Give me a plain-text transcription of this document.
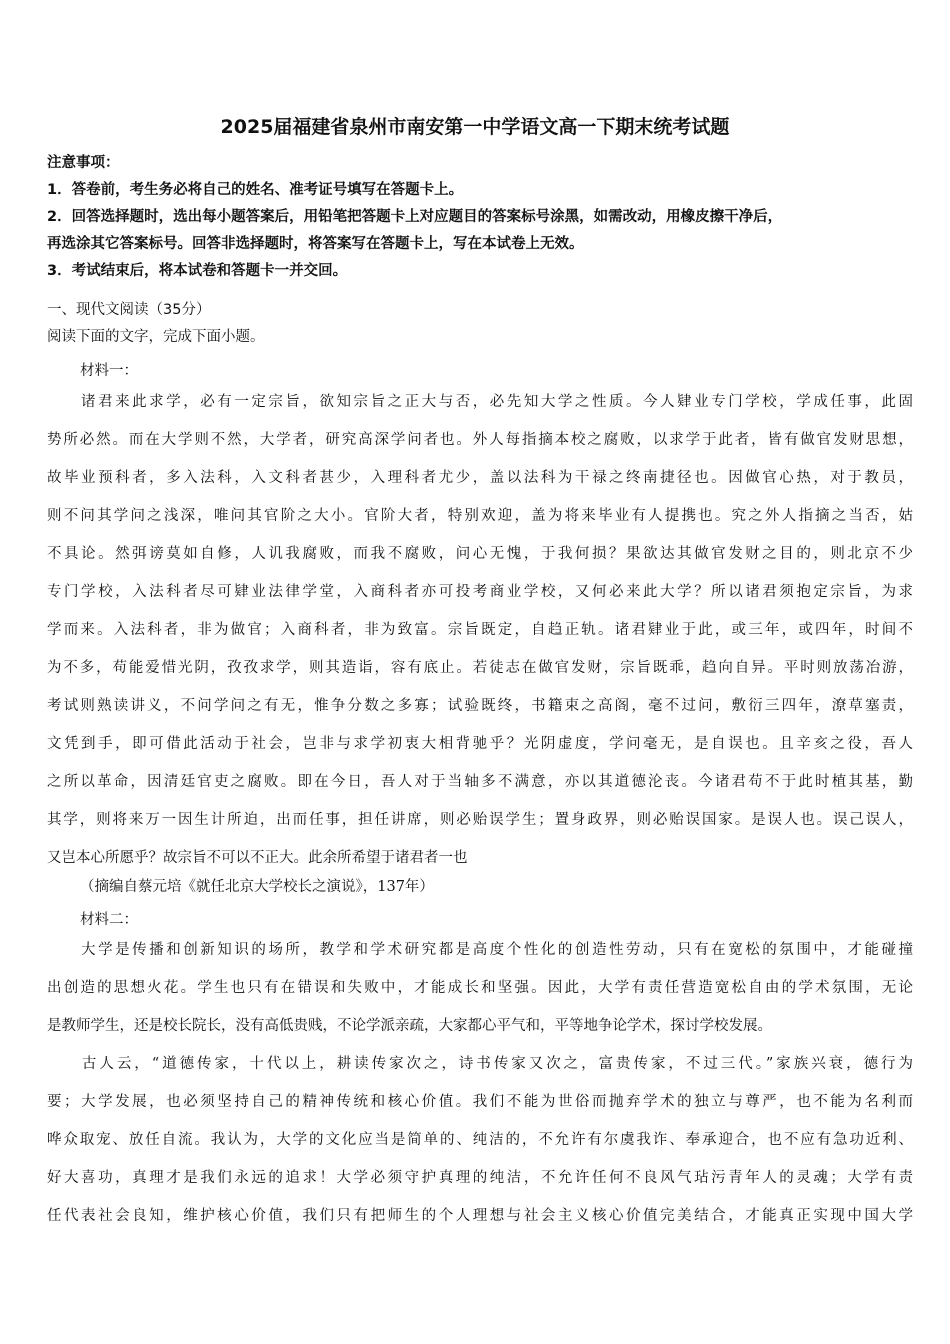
2025届福建省泉州市南安第一中学语文高一下期末统考试题
注意事项：
1．答卷前，考生务必将自己的姓名、准考证号填写在答题卡上。
2．回答选择题时，选出每小题答案后，用铅笔把答题卡上对应题目的答案标号涂黑，如需改动，用橡皮擦干净后，
再选涂其它答案标号。回答非选择题时，将答案写在答题卡上，写在本试卷上无效。
3．考试结束后，将本试卷和答题卡一并交回。
一、现代文阅读（35分）
阅读下面的文字，完成下面小题。
材料一：
　　诸君来此求学，必有一定宗旨，欲知宗旨之正大与否，必先知大学之性质。今人肄业专门学校，学成任事，此固
势所必然。而在大学则不然，大学者，研究高深学问者也。外人每指摘本校之腐败，以求学于此者，皆有做官发财思想，
故毕业预科者，多入法科，入文科者甚少，入理科者尤少，盖以法科为干禄之终南捷径也。因做官心热，对于教员，
则不问其学问之浅深，唯问其官阶之大小。官阶大者，特别欢迎，盖为将来毕业有人提携也。究之外人指摘之当否，姑
不具论。然弭谤莫如自修，人讥我腐败，而我不腐败，问心无愧，于我何损？果欲达其做官发财之目的，则北京不少
专门学校，入法科者尽可肄业法律学堂，入商科者亦可投考商业学校，又何必来此大学？所以诸君须抱定宗旨，为求
学而来。入法科者，非为做官；入商科者，非为致富。宗旨既定，自趋正轨。诸君肄业于此，或三年，或四年，时间不
为不多，苟能爱惜光阴，孜孜求学，则其造诣，容有底止。若徒志在做官发财，宗旨既乖，趋向自异。平时则放荡冶游，
考试则熟读讲义，不问学问之有无，惟争分数之多寡；试验既终，书籍束之高阁，毫不过问，敷衍三四年，潦草塞责，
文凭到手，即可借此活动于社会，岂非与求学初衷大相背驰乎？光阴虚度，学问毫无，是自误也。且辛亥之役，吾人
之所以革命，因清廷官吏之腐败。即在今日，吾人对于当轴多不满意，亦以其道德沦丧。今诸君苟不于此时植其基，勤
其学，则将来万一因生计所迫，出而任事，担任讲席，则必贻误学生；置身政界，则必贻误国家。是误人也。误己误人，
又岂本心所愿乎？故宗旨不可以不正大。此余所希望于诸君者一也
（摘编自蔡元培《就任北京大学校长之演说》，137年）
材料二：
　　大学是传播和创新知识的场所，教学和学术研究都是高度个性化的创造性劳动，只有在宽松的氛围中，才能碰撞
出创造的思想火花。学生也只有在错误和失败中，才能成长和坚强。因此，大学有责任营造宽松自由的学术氛围，无论
是教师学生，还是校长院长，没有高低贵贱，不论学派亲疏，大家都心平气和，平等地争论学术，探讨学校发展。
　　古人云，“道德传家，十代以上，耕读传家次之，诗书传家又次之，富贵传家，不过三代。”家族兴衰，德行为
要；大学发展，也必须坚持自己的精神传统和核心价值。我们不能为世俗而抛弃学术的独立与尊严，也不能为名利而
哗众取宠、放任自流。我认为，大学的文化应当是简单的、纯洁的，不允许有尔虞我诈、奉承迎合，也不应有急功近利、
好大喜功，真理才是我们永远的追求！大学必须守护真理的纯洁，不允许任何不良风气玷污青年人的灵魂；大学有责
任代表社会良知，维护核心价值，我们只有把师生的个人理想与社会主义核心价值完美结合，才能真正实现中国大学
